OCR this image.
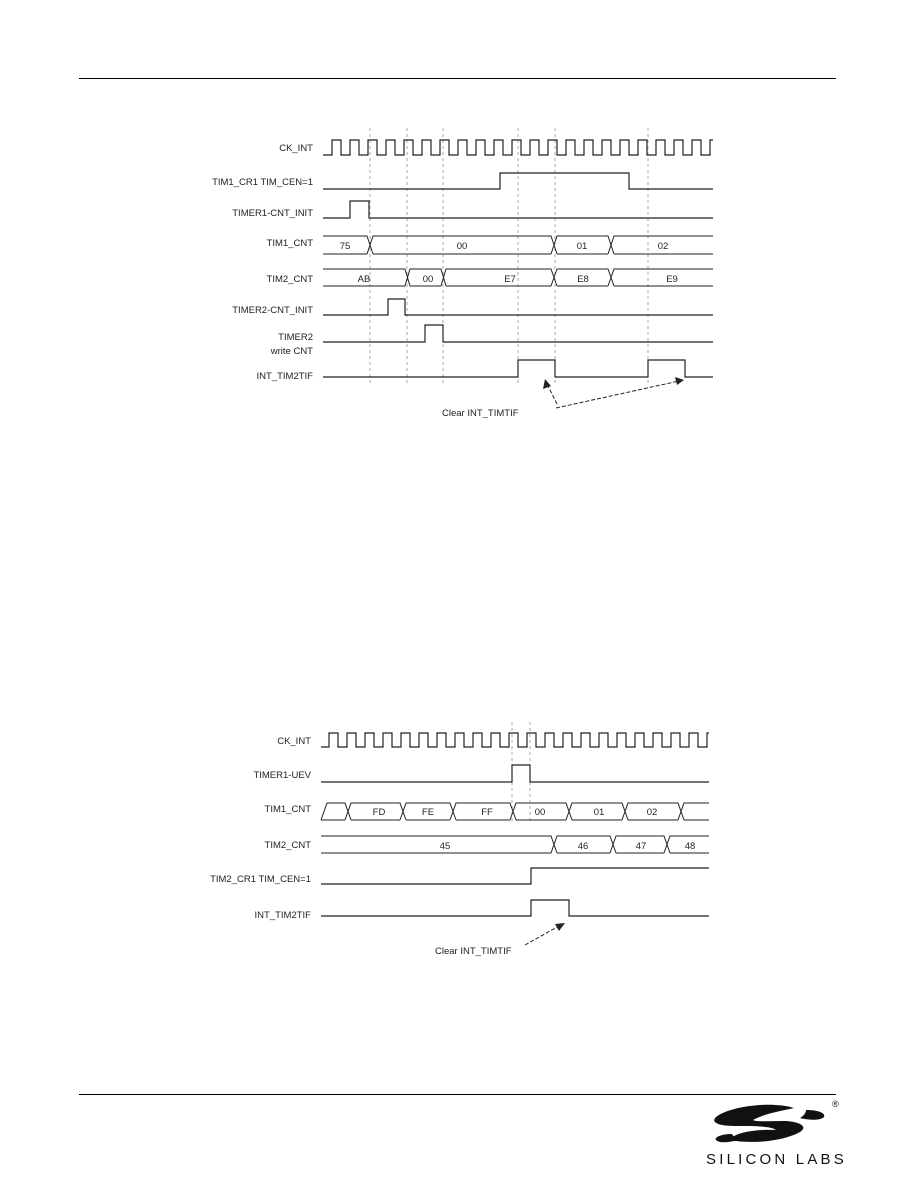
CK_INT
TIM1_CR1 TIM_CEN=1
TIMER1-CNT_INIT
TIM1_CNT	75	00	01	02
TIM2_CNT	AB	00	E7	E8	E9
TIMER2-CNT_INIT
TIMER2
write CNT
INT_TIM2TIF
Clear INT_TIMTIF
CK_INT
TIMER1-UEV
TIM1_CNT	FD	FE	FF	00	01	02
TIM2_CNT	45	46	47	48
TIM2_CR1 TIM_CEN=1
INT_TIM2TIF
Clear INT_TIMTIF
®
SILICON LABS
